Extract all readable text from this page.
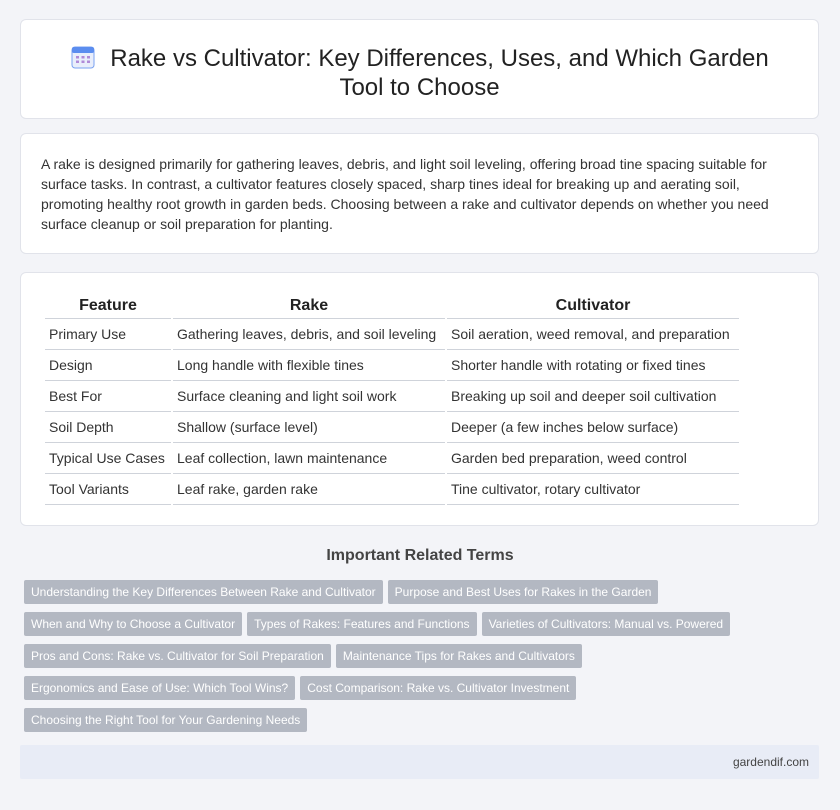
Rake vs Cultivator: Key Differences, Uses, and Which Garden Tool to Choose

A rake is designed primarily for gathering leaves, debris, and light soil leveling, offering broad tine spacing suitable for surface tasks. In contrast, a cultivator features closely spaced, sharp tines ideal for breaking up and aerating soil, promoting healthy root growth in garden beds. Choosing between a rake and cultivator depends on whether you need surface cleanup or soil preparation for planting.

Feature	Rake	Cultivator
Primary Use	Gathering leaves, debris, and soil leveling	Soil aeration, weed removal, and preparation
Design	Long handle with flexible tines	Shorter handle with rotating or fixed tines
Best For	Surface cleaning and light soil work	Breaking up soil and deeper soil cultivation
Soil Depth	Shallow (surface level)	Deeper (a few inches below surface)
Typical Use Cases	Leaf collection, lawn maintenance	Garden bed preparation, weed control
Tool Variants	Leaf rake, garden rake	Tine cultivator, rotary cultivator
Important Related Terms
Understanding the Key Differences Between Rake and Cultivator Purpose and Best Uses for Rakes in the Garden
When and Why to Choose a Cultivator Types of Rakes: Features and Functions Varieties of Cultivators: Manual vs. Powered
Pros and Cons: Rake vs. Cultivator for Soil Preparation Maintenance Tips for Rakes and Cultivators
Ergonomics and Ease of Use: Which Tool Wins? Cost Comparison: Rake vs. Cultivator Investment
Choosing the Right Tool for Your Gardening Needs
gardendif.com
